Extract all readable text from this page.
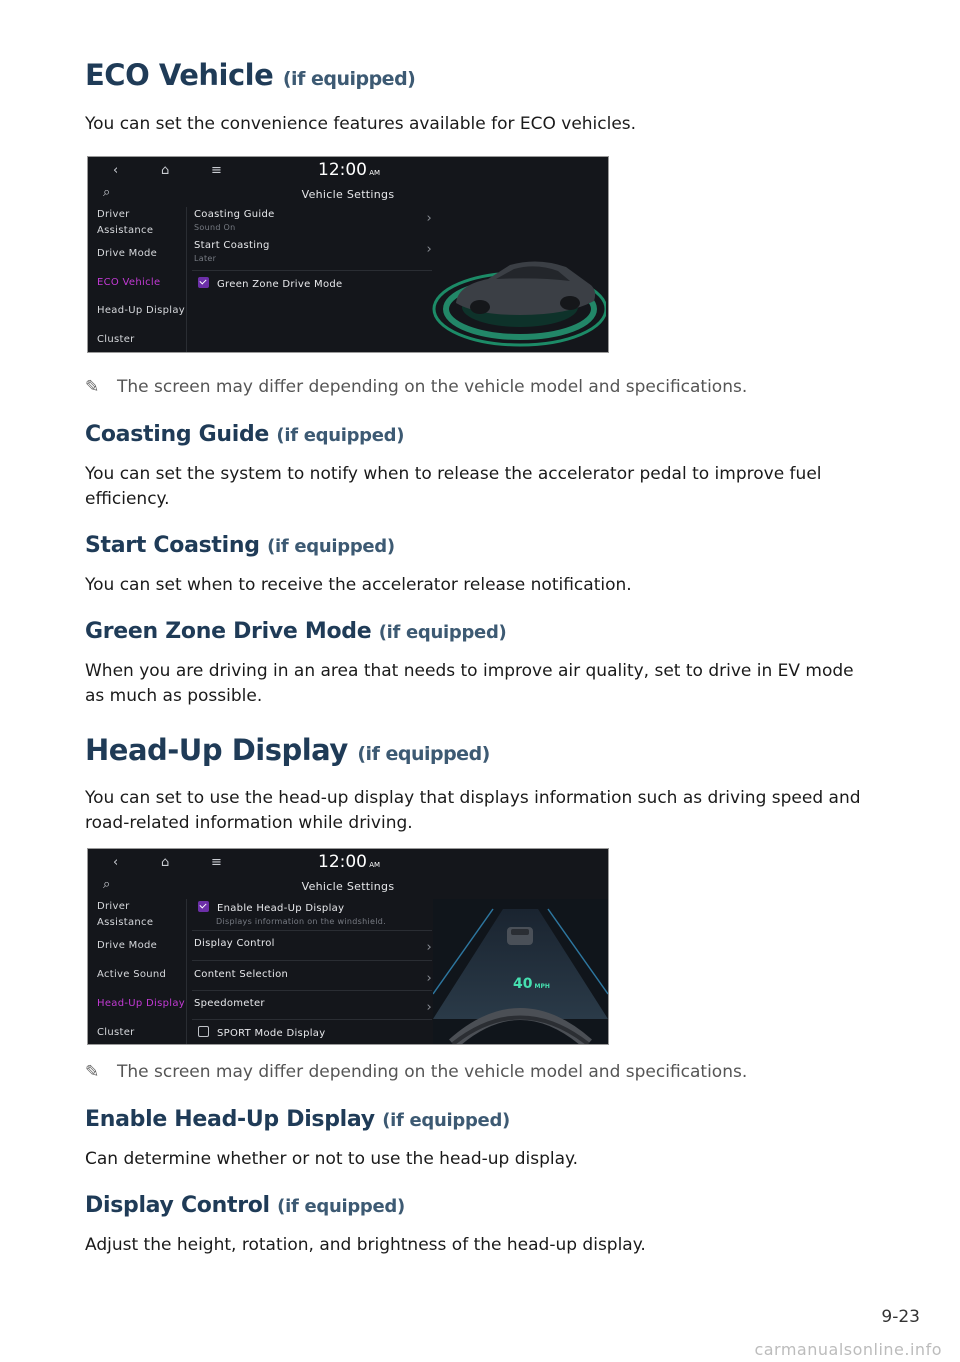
ECO Vehicle (if equipped)
You can set the convenience features available for ECO vehicles.
‹	⌂	≡	12:00 AM
⌕	Vehicle Settings
Driver
Assistance
Drive Mode
ECO Vehicle
Head-Up Display
Cluster
Coasting Guide
Sound On
›
Start Coasting
Later
›
Green Zone Drive Mode
✎ The screen may differ depending on the vehicle model and specifications.
Coasting Guide (if equipped)
You can set the system to notify when to release the accelerator pedal to improve fuel efficiency.
Start Coasting (if equipped)
You can set when to receive the accelerator release notification.
Green Zone Drive Mode (if equipped)
When you are driving in an area that needs to improve air quality, set to drive in EV mode as much as possible.
Head-Up Display (if equipped)
You can set to use the head-up display that displays information such as driving speed and road-related information while driving.
‹	⌂	≡	12:00 AM
⌕	Vehicle Settings
Driver
Assistance
Drive Mode
Active Sound
Head-Up Display
Cluster
Enable Head-Up Display
Displays information on the windshield.
Display Control	›
Content Selection	›
Speedometer	›
SPORT Mode Display
40 MPH
✎ The screen may differ depending on the vehicle model and specifications.
Enable Head-Up Display (if equipped)
Can determine whether or not to use the head-up display.
Display Control (if equipped)
Adjust the height, rotation, and brightness of the head-up display.
9-23
carmanualsonline.info
